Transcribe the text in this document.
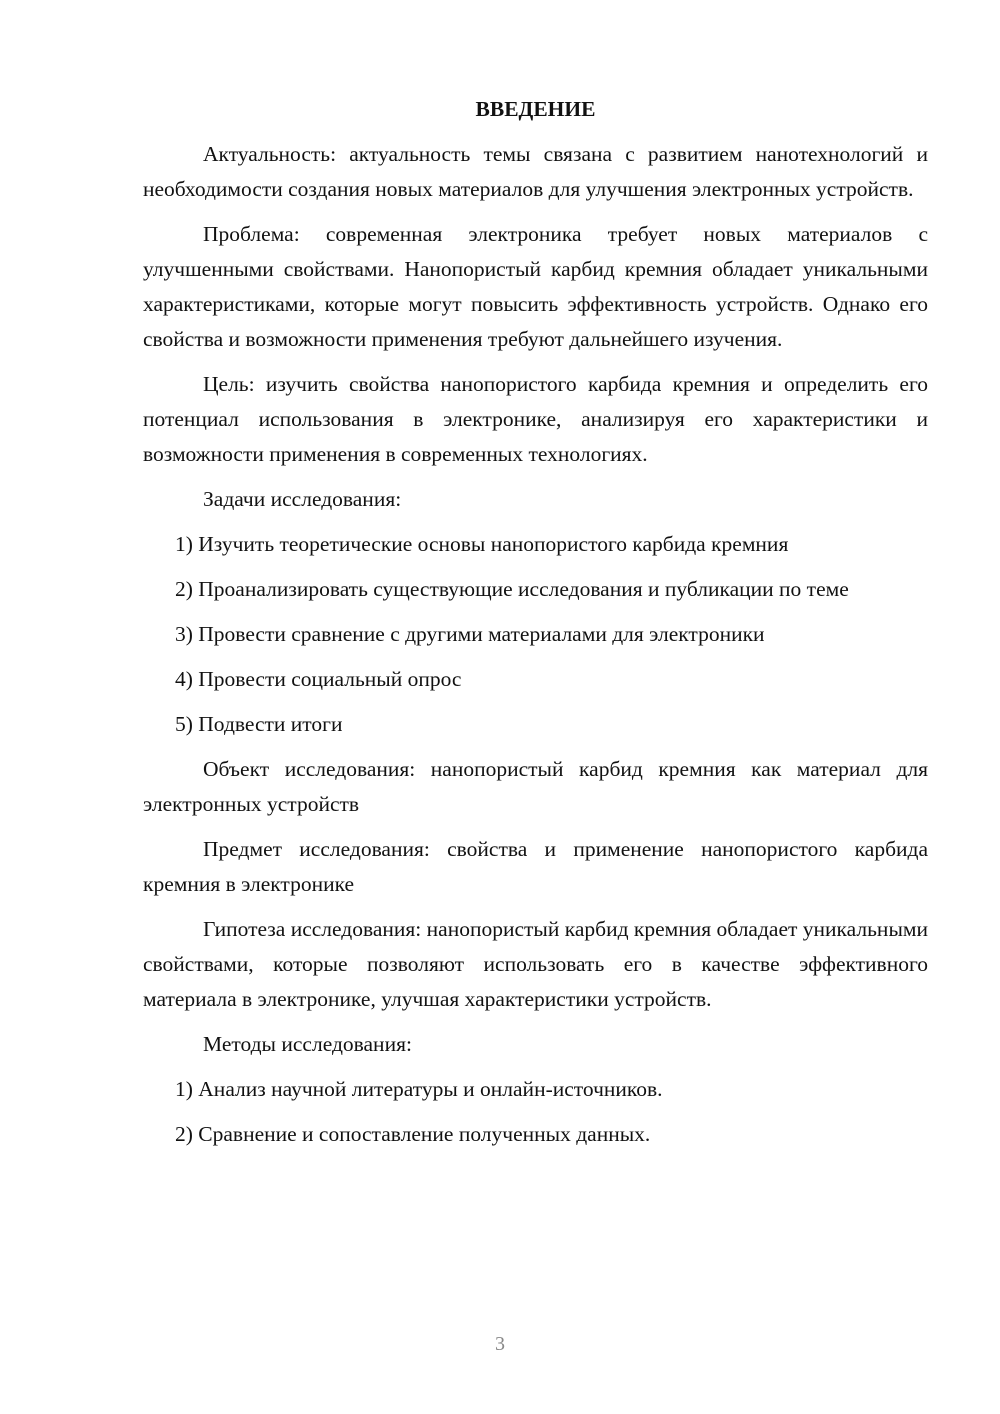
ВВЕДЕНИЕ

Актуальность: актуальность темы связана с развитием нанотехнологий и необходимости создания новых материалов для улучшения электронных устройств.

Проблема: современная электроника требует новых материалов с улучшенными свойствами. Нанопористый карбид кремния обладает уникальными характеристиками, которые могут повысить эффективность устройств. Однако его свойства и возможности применения требуют дальнейшего изучения.

Цель: изучить свойства нанопористого карбида кремния и определить его потенциал использования в электронике, анализируя его характеристики и возможности применения в современных технологиях.

Задачи исследования:

1) Изучить теоретические основы нанопористого карбида кремния

2) Проанализировать существующие исследования и публикации по теме

3) Провести сравнение с другими материалами для электроники

4) Провести социальный опрос

5) Подвести итоги

Объект исследования: нанопористый карбид кремния как материал для электронных устройств

Предмет исследования: свойства и применение нанопористого карбида кремния в электронике

Гипотеза исследования: нанопористый карбид кремния обладает уникальными свойствами, которые позволяют использовать его в качестве эффективного материала в электронике, улучшая характеристики устройств.

Методы исследования:

1) Анализ научной литературы и онлайн-источников.

2) Сравнение и сопоставление полученных данных.

3
